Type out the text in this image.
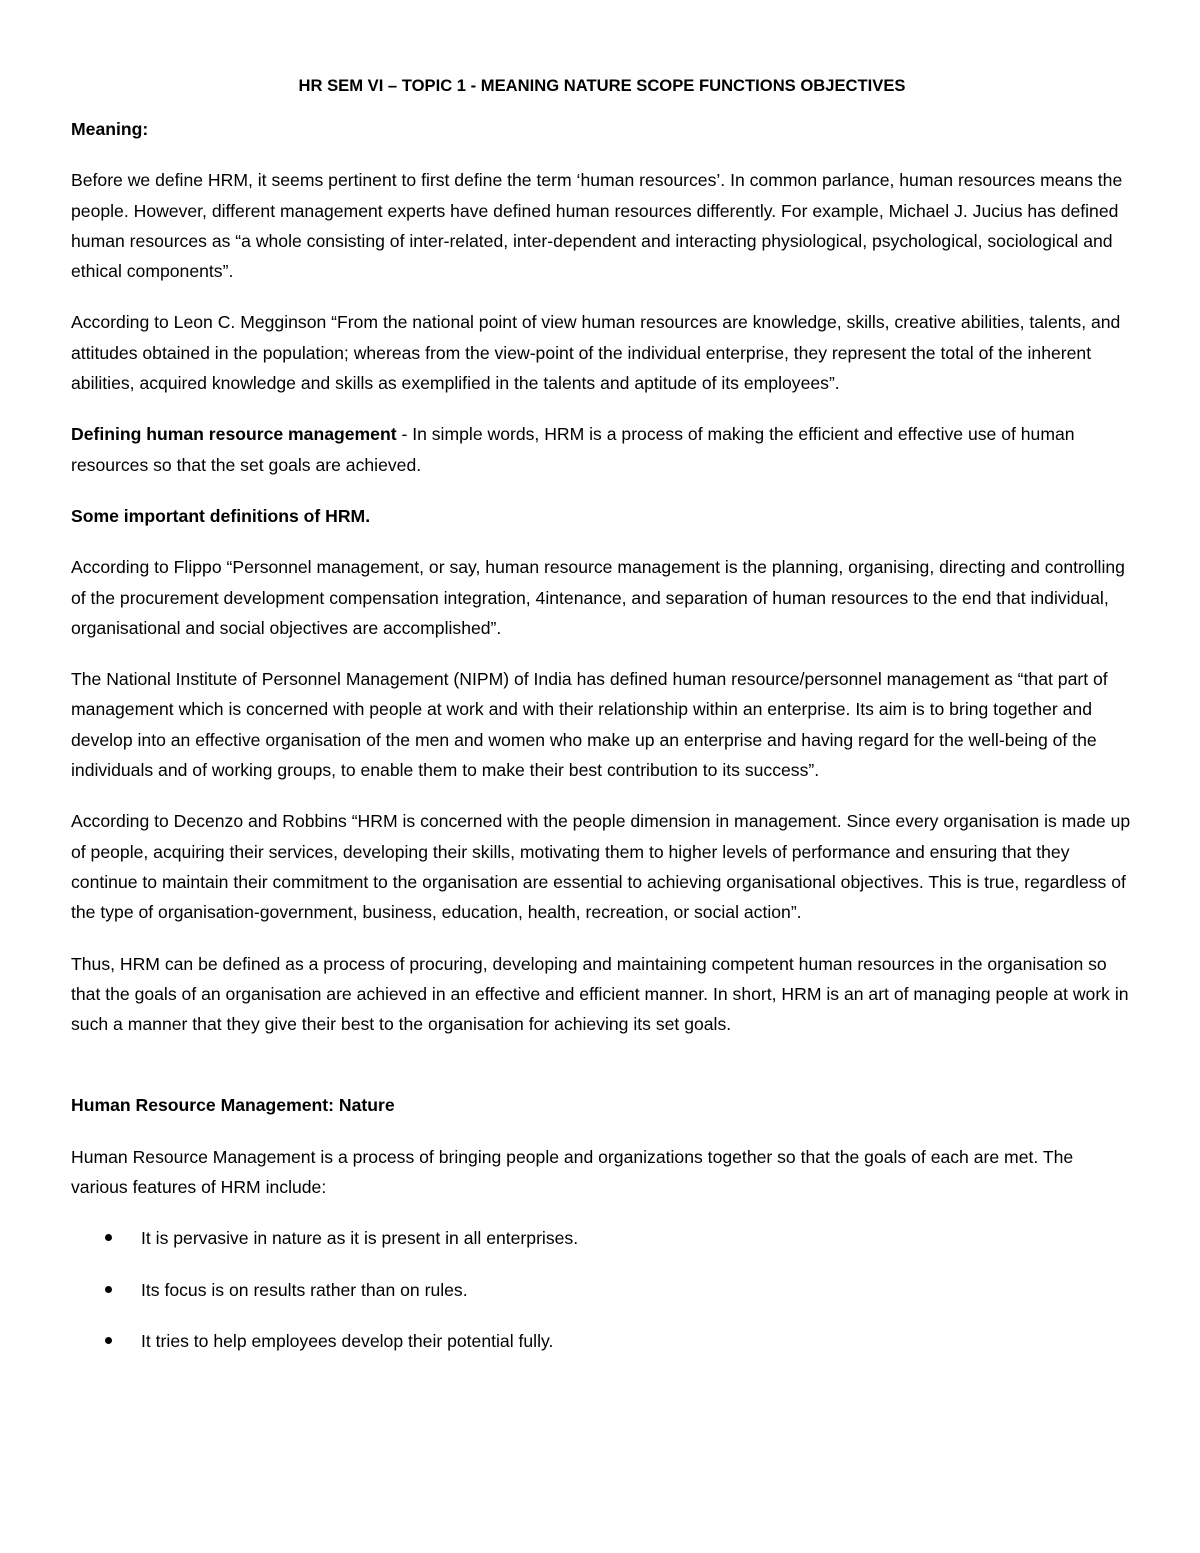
HR SEM VI – TOPIC 1 - MEANING NATURE SCOPE FUNCTIONS OBJECTIVES
Meaning:

Before we define HRM, it seems pertinent to first define the term ‘human resources’. In common parlance, human resources means the people. However, different management experts have defined human resources differently. For example, Michael J. Jucius has defined human resources as “a whole consisting of inter-related, inter-dependent and interacting physiological, psychological, sociological and ethical components”.

According to Leon C. Megginson “From the national point of view human resources are knowledge, skills, creative abilities, talents, and attitudes obtained in the population; whereas from the view-point of the individual enterprise, they represent the total of the inherent abilities, acquired knowledge and skills as exemplified in the talents and aptitude of its employees”.

Defining human resource management - In simple words, HRM is a process of making the efficient and effective use of human resources so that the set goals are achieved.

Some important definitions of HRM.

According to Flippo “Personnel management, or say, human resource management is the planning, organising, directing and controlling of the procurement development compensation integration, 4intenance, and separation of human resources to the end that individual, organisational and social objectives are accomplished”.

The National Institute of Personnel Management (NIPM) of India has defined human resource/personnel management as “that part of management which is concerned with people at work and with their relationship within an enterprise. Its aim is to bring together and develop into an effective organisation of the men and women who make up an enterprise and having regard for the well-being of the individuals and of working groups, to enable them to make their best contribution to its success”.

According to Decenzo and Robbins “HRM is concerned with the people dimension in management. Since every organisation is made up of people, acquiring their services, developing their skills, motivating them to higher levels of performance and ensuring that they continue to maintain their commitment to the organisation are essential to achieving organisational objectives. This is true, regardless of the type of organisation-government, business, education, health, recreation, or social action”.

Thus, HRM can be defined as a process of procuring, developing and maintaining competent human resources in the organisation so that the goals of an organisation are achieved in an effective and efficient manner. In short, HRM is an art of managing people at work in such a manner that they give their best to the organisation for achieving its set goals.

Human Resource Management: Nature

Human Resource Management is a process of bringing people and organizations together so that the goals of each are met. The various features of HRM include:

It is pervasive in nature as it is present in all enterprises.
Its focus is on results rather than on rules.
It tries to help employees develop their potential fully.
